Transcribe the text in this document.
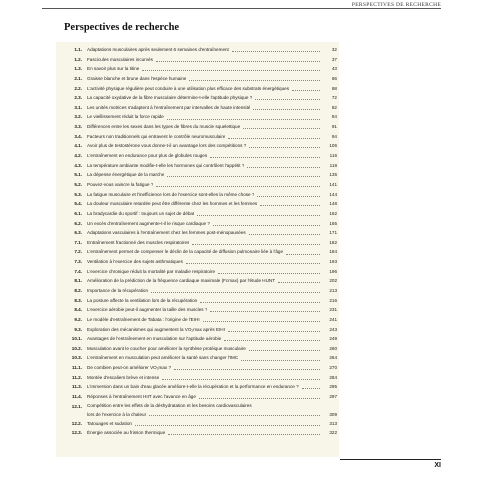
PERSPECTIVES DE RECHERCHE
Perspectives de recherche
1.1.	Adaptations musculaires après seulement 6 semaines d'entraînement	32
1.2.	Fascicules musculaires incurvés	37
1.3.	En savoir plus sur la titine	43
2.1.	Graisse blanche et brune dans l'espèce humaine	66
2.2.	L'activité physique régulière peut conduire à une utilisation plus efficace des substrats énergétiques	68
2.3.	La capacité oxydative de la fibre musculaire détermine-t-elle l'aptitude physique ?	72
3.1.	Les unités motrices s'adaptent à l'entraînement par intervalles de haute intensité	82
3.2.	Le vieillissement réduit la force rapide	84
3.3.	Différences entre les sexes dans les types de fibres du muscle squelettique	91
3.4.	Facteurs non traditionnels qui entravent le contrôle neuromusculaire	94
4.1.	Avoir plus de testostérone vous donne-t-il un avantage lors des compétitions ?	106
4.2.	L'entraînement en endurance pour plus de globules rouges	116
4.3.	La température ambiante modifie-t-elle les hormones qui contrôlent l'appétit ?	118
5.1.	La dépense énergétique de la marche	135
5.2.	Pouvez-vous vaincre la fatigue ?	141
5.3.	La fatigue musculaire et l'inefficience lors de l'exercice sont-elles la même chose ?	144
5.4.	La douleur musculaire retardée peut être différente chez les hommes et les femmes	148
6.1.	La bradycardie du sportif : toujours un sujet de débat	162
6.2.	Un excès d'entraînement augmente-t-il le risque cardiaque ?	165
6.3.	Adaptations vasculaires à l'entraînement chez les femmes post-ménopausées	171
7.1.	Entraînement fractionné des muscles respiratoires	182
7.2.	L'entraînement permet de compenser le déclin de la capacité de diffusion pulmonaire liée à l'âge	184
7.3.	Ventilation à l'exercice des sujets asthmatiques	193
7.4.	L'exercice chronique réduit la mortalité par maladie respiratoire	196
8.1.	Amélioration de la prédiction de la fréquence cardiaque maximale (Fcmax) par l'étude HUNT	202
8.2.	Importance de la récupération	213
8.3.	La posture affecte la ventilation lors de la récupération	216
8.4.	L'exercice aérobie peut-il augmenter la taille des muscles ?	231
9.2.	Le modèle d'entraînement de Tabata : l'origine de l'EIHI	241
9.3.	Exploration des mécanismes qui augmentent la VO₂max après EIHI	243
10.1.	Avantages de l'entraînement en musculation sur l'aptitude aérobie	249
10.2.	Musculation avant le coucher pour améliorer la synthèse protéique musculaire	260
10.3.	L'entraînement en musculation peut améliorer la santé sans changer l'IMC	264
11.1.	De combien peut-on améliorer VO₂max ?	270
11.2.	Montée d'escaliers brève et intense	284
11.3.	L'immersion dans un bain d'eau glacée améliore-t-elle la récupération et la performance en endurance ?	295
11.4.	Réponses à l'entraînement HIIT avec l'avance en âge	297
12.1.	Compétition entre les effets de la déshydratation et les besoins cardiovasculaires
lors de l'exercice à la chaleur	309
12.2.	Tatouages et sudation	313
12.3.	Énergie associée au frisson thermique	322
XI
